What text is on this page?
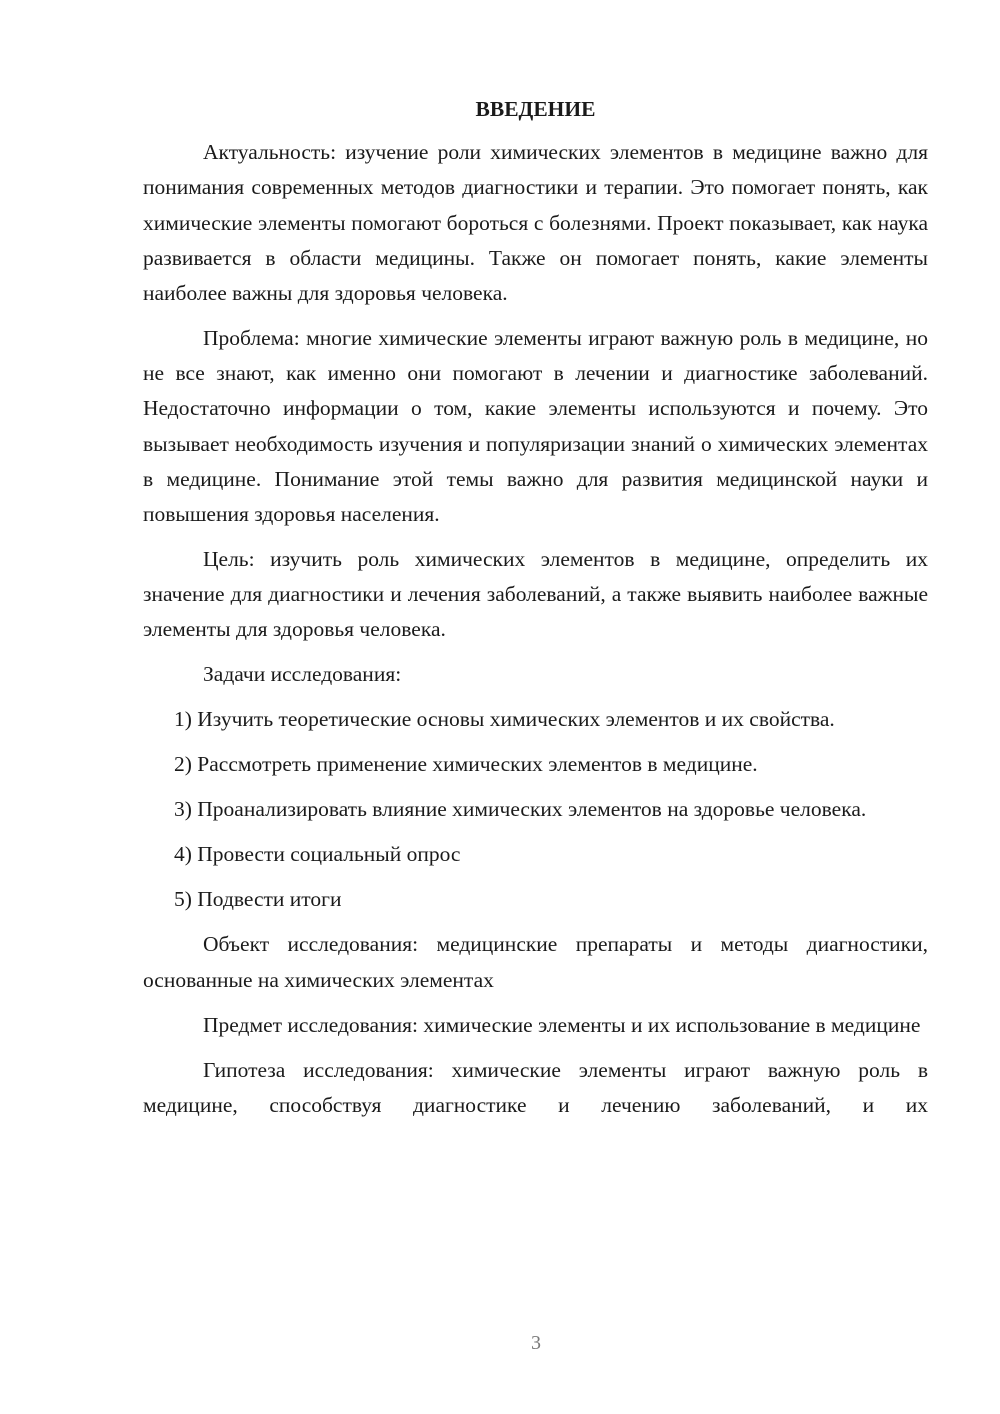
ВВЕДЕНИЕ

Актуальность: изучение роли химических элементов в медицине важно для понимания современных методов диагностики и терапии. Это помогает понять, как химические элементы помогают бороться с болезнями. Проект показывает, как наука развивается в области медицины. Также он помогает понять, какие элементы наиболее важны для здоровья человека.

Проблема: многие химические элементы играют важную роль в медицине, но не все знают, как именно они помогают в лечении и диагностике заболеваний. Недостаточно информации о том, какие элементы используются и почему. Это вызывает необходимость изучения и популяризации знаний о химических элементах в медицине. Понимание этой темы важно для развития медицинской науки и повышения здоровья населения.

Цель: изучить роль химических элементов в медицине, определить их значение для диагностики и лечения заболеваний, а также выявить наиболее важные элементы для здоровья человека.

Задачи исследования:

1) Изучить теоретические основы химических элементов и их свойства.

2) Рассмотреть применение химических элементов в медицине.

3) Проанализировать влияние химических элементов на здоровье человека.

4) Провести социальный опрос

5) Подвести итоги

Объект исследования: медицинские препараты и методы диагностики, основанные на химических элементах

Предмет исследования: химические элементы и их использование в медицине

Гипотеза исследования: химические элементы играют важную роль в медицине, способствуя диагностике и лечению заболеваний, и их

3
